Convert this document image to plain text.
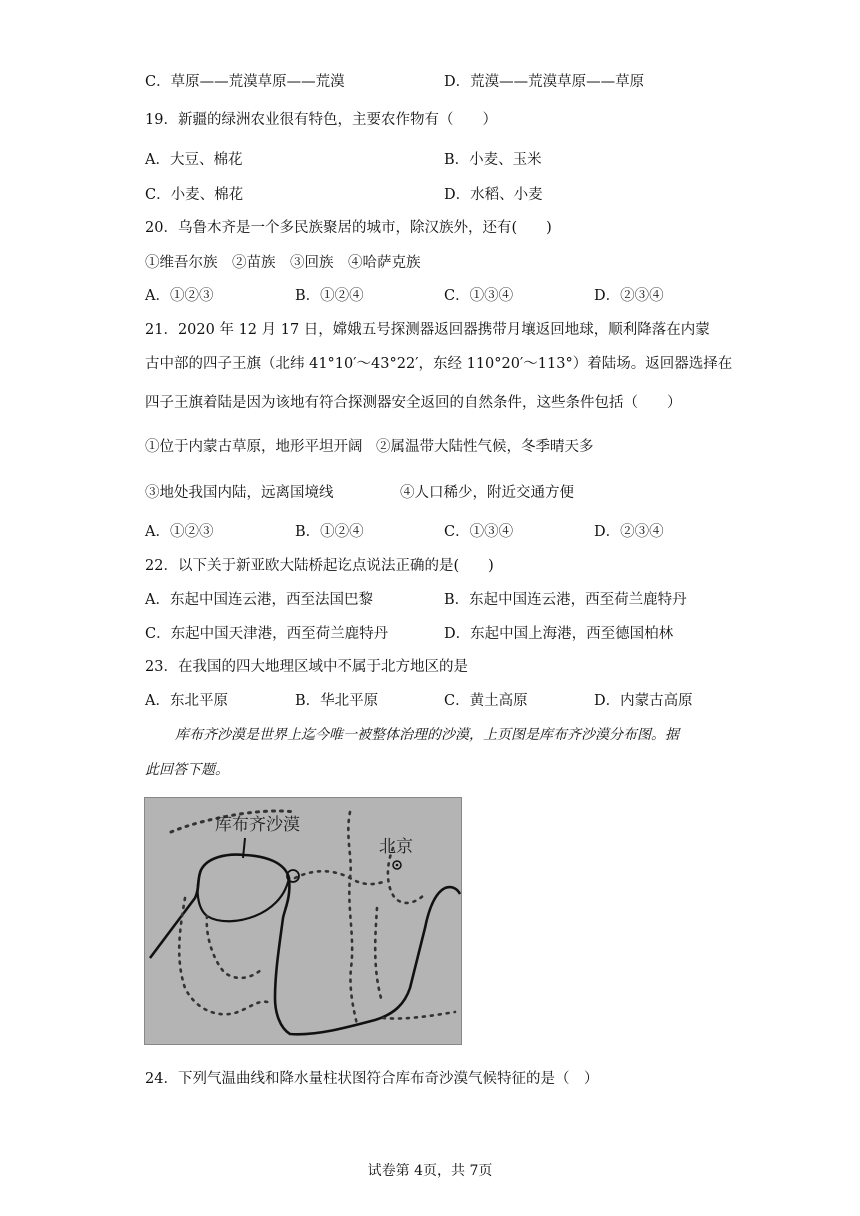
C．草原——荒漠草原——荒漠	D．荒漠——荒漠草原——草原
19．新疆的绿洲农业很有特色，主要农作物有（　　）
A．大豆、棉花	B．小麦、玉米
C．小麦、棉花	D．水稻、小麦
20．乌鲁木齐是一个多民族聚居的城市，除汉族外，还有(　　)
①维吾尔族　②苗族　③回族　④哈萨克族
A．①②③	B．①②④	C．①③④	D．②③④
21．2020 年 12 月 17 日，嫦娥五号探测器返回器携带月壤返回地球，顺利降落在内蒙
古中部的四子王旗（北纬 41°10′～43°22′，东经 110°20′～113°）着陆场。返回器选择在
四子王旗着陆是因为该地有符合探测器安全返回的自然条件，这些条件包括（　　）
①位于内蒙古草原，地形平坦开阔 ②属温带大陆性气候，冬季晴天多
③地处我国内陆，远离国境线	④人口稀少，附近交通方便
A．①②③	B．①②④	C．①③④	D．②③④
22．以下关于新亚欧大陆桥起讫点说法正确的是(　　)
A．东起中国连云港，西至法国巴黎	B．东起中国连云港，西至荷兰鹿特丹
C．东起中国天津港，西至荷兰鹿特丹	D．东起中国上海港，西至德国柏林
23．在我国的四大地理区域中不属于北方地区的是
A．东北平原	B．华北平原	C．黄土高原	D．内蒙古高原
库布齐沙漠是世界上迄今唯一被整体治理的沙漠，上页图是库布齐沙漠分布图。据
此回答下题。
库布齐沙漠
北京
24．下列气温曲线和降水量柱状图符合库布奇沙漠气候特征的是（　）
试卷第 4页，共 7页
